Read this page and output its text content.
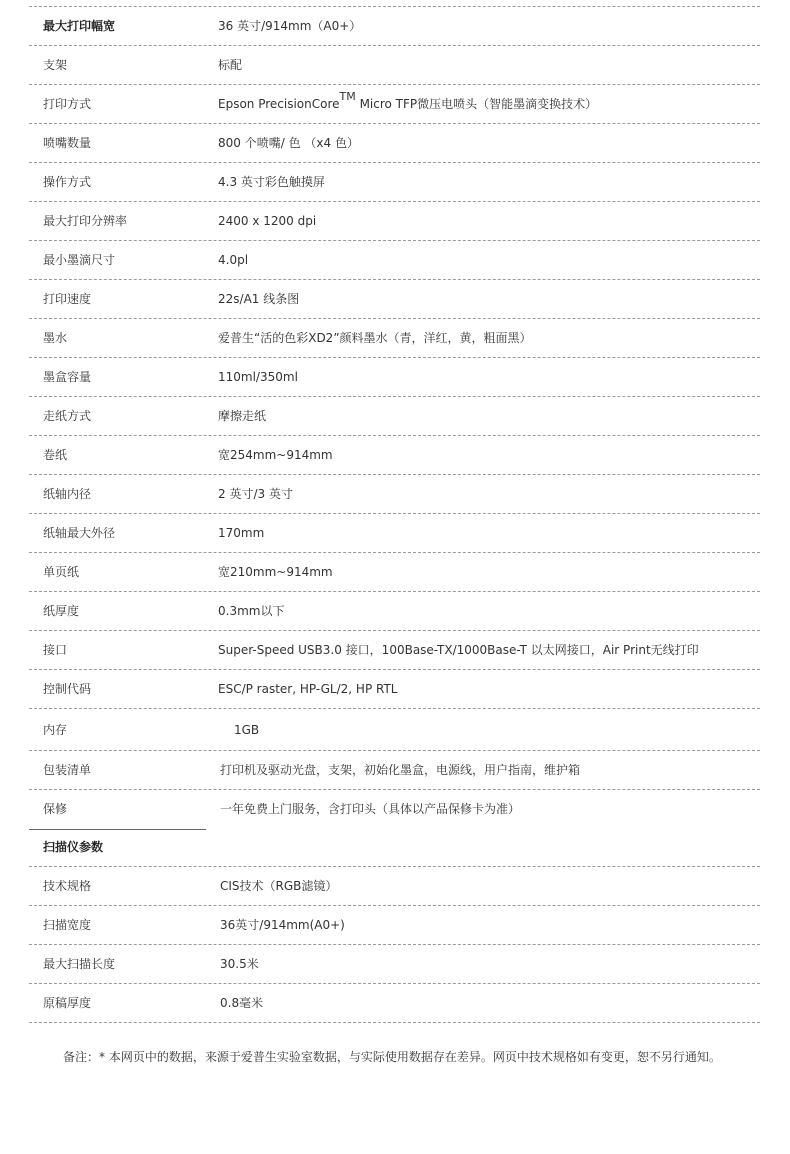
最大打印幅宽	36 英寸/914mm（A0+）
支架	标配
打印方式	Epson PrecisionCore™ Micro TFP微压电喷头（智能墨滴变换技术）
喷嘴数量	800 个喷嘴/ 色 （x4 色）
操作方式	4.3 英寸彩色触摸屏
最大打印分辨率	2400 x 1200 dpi
最小墨滴尺寸	4.0pl
打印速度	22s/A1 线条图
墨水	爱普生“活的色彩XD2”颜料墨水（青，洋红，黄，粗面黑）
墨盒容量	110ml/350ml
走纸方式	摩擦走纸
卷纸	宽254mm~914mm
纸轴内径	2 英寸/3 英寸
纸轴最大外径	170mm
单页纸	宽210mm~914mm
纸厚度	0.3mm以下
接口	Super-Speed USB3.0 接口，100Base-TX/1000Base-T 以太网接口，Air Print无线打印
控制代码	ESC/P raster, HP-GL/2, HP RTL
内存	1GB
包装清单	打印机及驱动光盘，支架，初始化墨盒，电源线，用户指南，维护箱
保修	一年免费上门服务，含打印头（具体以产品保修卡为准）
扫描仪参数
技术规格	CIS技术（RGB滤镜）
扫描宽度	36英寸/914mm(A0+)
最大扫描长度	30.5米
原稿厚度	0.8毫米
备注：* 本网页中的数据，来源于爱普生实验室数据，与实际使用数据存在差异。网页中技术规格如有变更，恕不另行通知。
